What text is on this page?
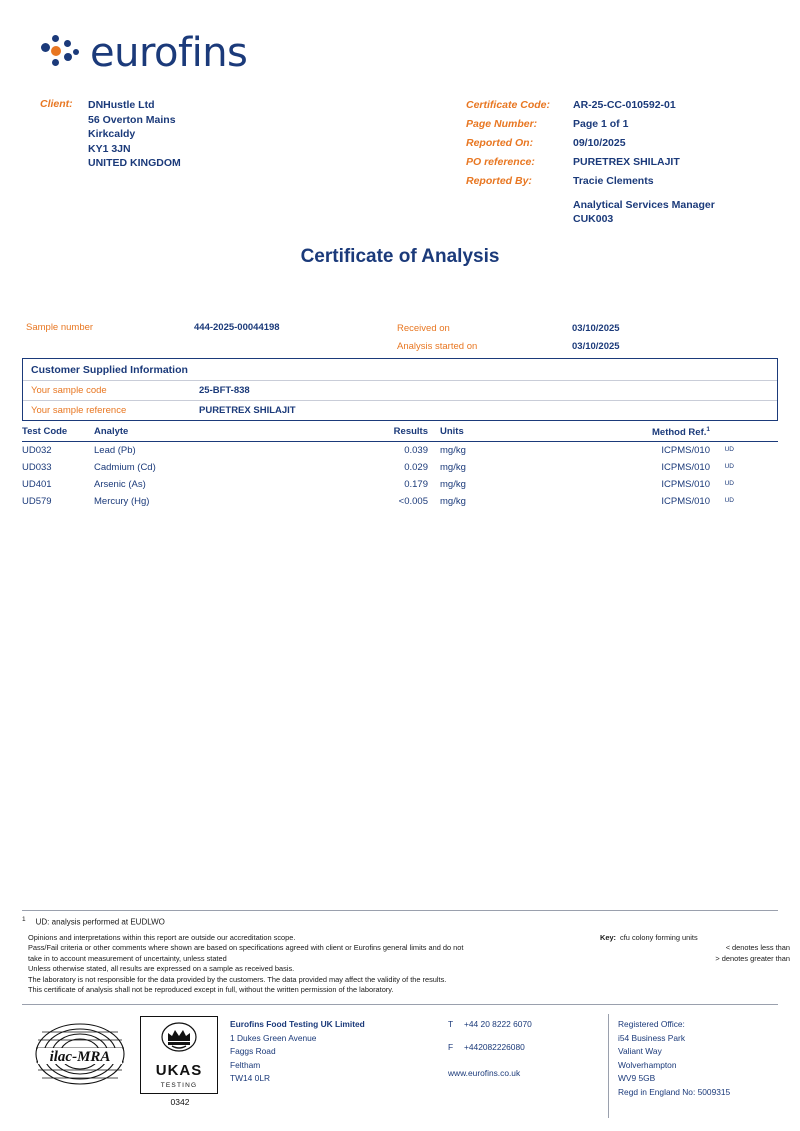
eurofins
Client: DNHustle Ltd
56 Overton Mains
Kirkcaldy
KY1 3JN
UNITED KINGDOM
Certificate Code:	AR-25-CC-010592-01
Page Number:	Page 1 of 1
Reported On:	09/10/2025
PO reference:	PURETREX SHILAJIT
Reported By:	Tracie Clements
Analytical Services Manager
CUK003
Certificate of Analysis
Sample number	444-2025-00044198	Received on	03/10/2025
Analysis started on	03/10/2025
Customer Supplied Information
Your sample code	25-BFT-838
Your sample reference	PURETREX SHILAJIT
Test Code	Analyte	Results	Units	Method Ref.$^1$
UD032	Lead (Pb)	0.039	mg/kg	ICPMS/010 UD
UD033	Cadmium (Cd)	0.029	mg/kg	ICPMS/010 UD
UD401	Arsenic (As)	0.179	mg/kg	ICPMS/010 UD
UD579	Mercury (Hg)	<0.005	mg/kg	ICPMS/010 UD
$^1$ UD: analysis performed at EUDLWO
Opinions and interpretations within this report are outside our accreditation scope.
Pass/Fail criteria or other comments where shown are based on specifications agreed with client or Eurofins general limits and do not
take in to account measurement of uncertainty, unless stated
Unless otherwise stated, all results are expressed on a sample as received basis.
The laboratory is not responsible for the data provided by the customers. The data provided may affect the validity of the results.
This certificate of analysis shall not be reproduced except in full, without the written permission of the laboratory.
Key: cfu colony forming units
< denotes less than
> denotes greater than
ilac-MRA
UKAS
TESTING
0342
Eurofins Food Testing UK Limited
1 Dukes Green Avenue
Faggs Road
Feltham
TW14 0LR
T	+44 20 8222 6070
F	+442082226080
www.eurofins.co.uk
Registered Office:
i54 Business Park
Valiant Way
Wolverhampton
WV9 5GB
Regd in England No: 5009315
